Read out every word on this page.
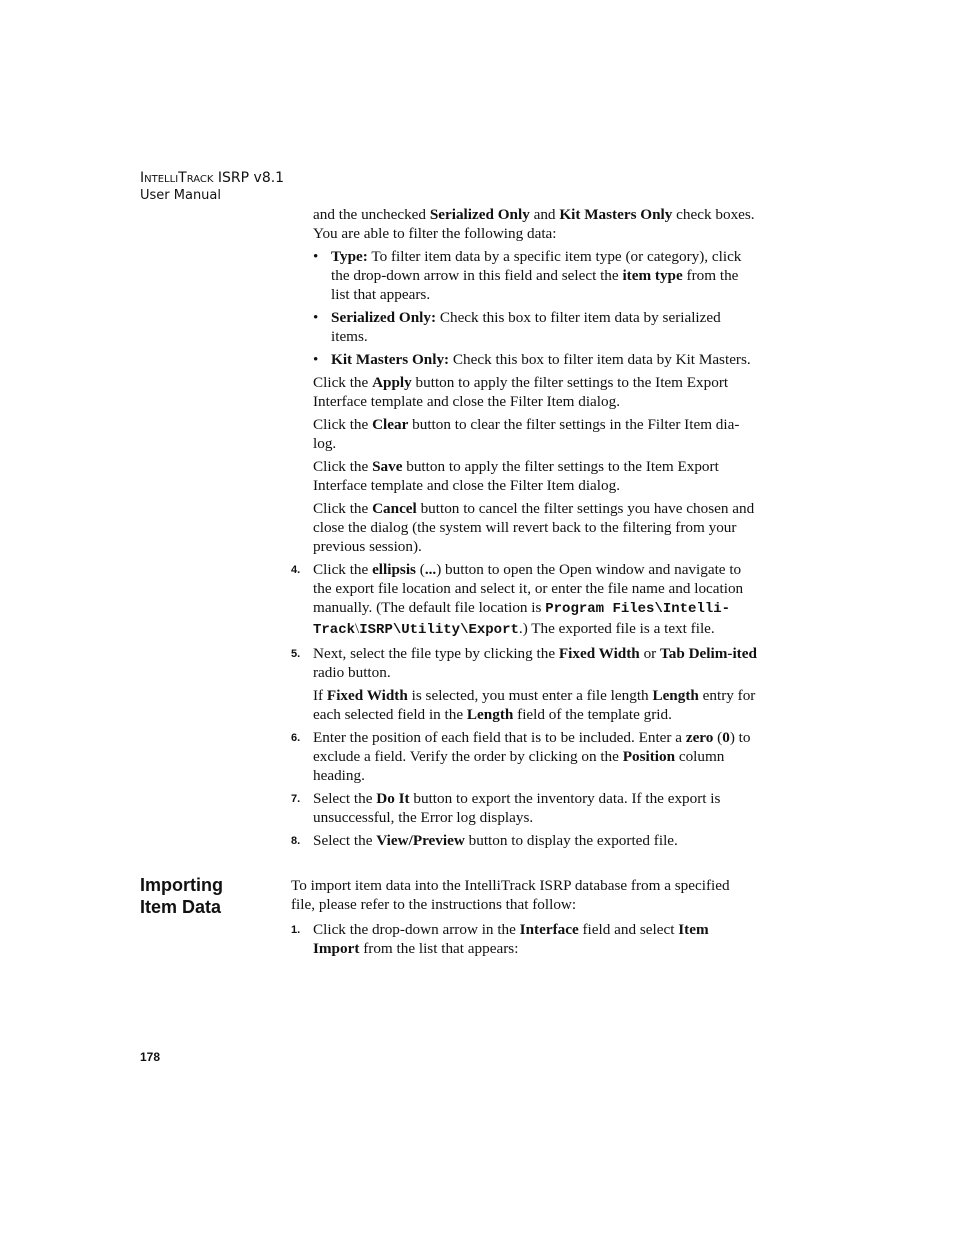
INTELLITRACK ISRP v8.1
User Manual

and the unchecked Serialized Only and Kit Masters Only check boxes. You are able to filter the following data:

• Type: To filter item data by a specific item type (or category), click the drop-down arrow in this field and select the item type from the list that appears.
• Serialized Only: Check this box to filter item data by serialized items.
• Kit Masters Only: Check this box to filter item data by Kit Masters.

Click the Apply button to apply the filter settings to the Item Export Interface template and close the Filter Item dialog.

Click the Clear button to clear the filter settings in the Filter Item dia-log.

Click the Save button to apply the filter settings to the Item Export Interface template and close the Filter Item dialog.

Click the Cancel button to cancel the filter settings you have chosen and close the dialog (the system will revert back to the filtering from your previous session).

4. Click the ellipsis (...) button to open the Open window and navigate to the export file location and select it, or enter the file name and location manually. (The default file location is Program Files\Intelli-Track\ISRP\Utility\Export.) The exported file is a text file.
5. Next, select the file type by clicking the Fixed Width or Tab Delim-ited radio button.

If Fixed Width is selected, you must enter a file length Length entry for each selected field in the Length field of the template grid.

6. Enter the position of each field that is to be included. Enter a zero (0) to exclude a field. Verify the order by clicking on the Position column heading.
7. Select the Do It button to export the inventory data. If the export is unsuccessful, the Error log displays.
8. Select the View/Preview button to display the exported file.
Importing
Item Data

To import item data into the IntelliTrack ISRP database from a specified file, please refer to the instructions that follow:

1. Click the drop-down arrow in the Interface field and select Item Import from the list that appears:
178
